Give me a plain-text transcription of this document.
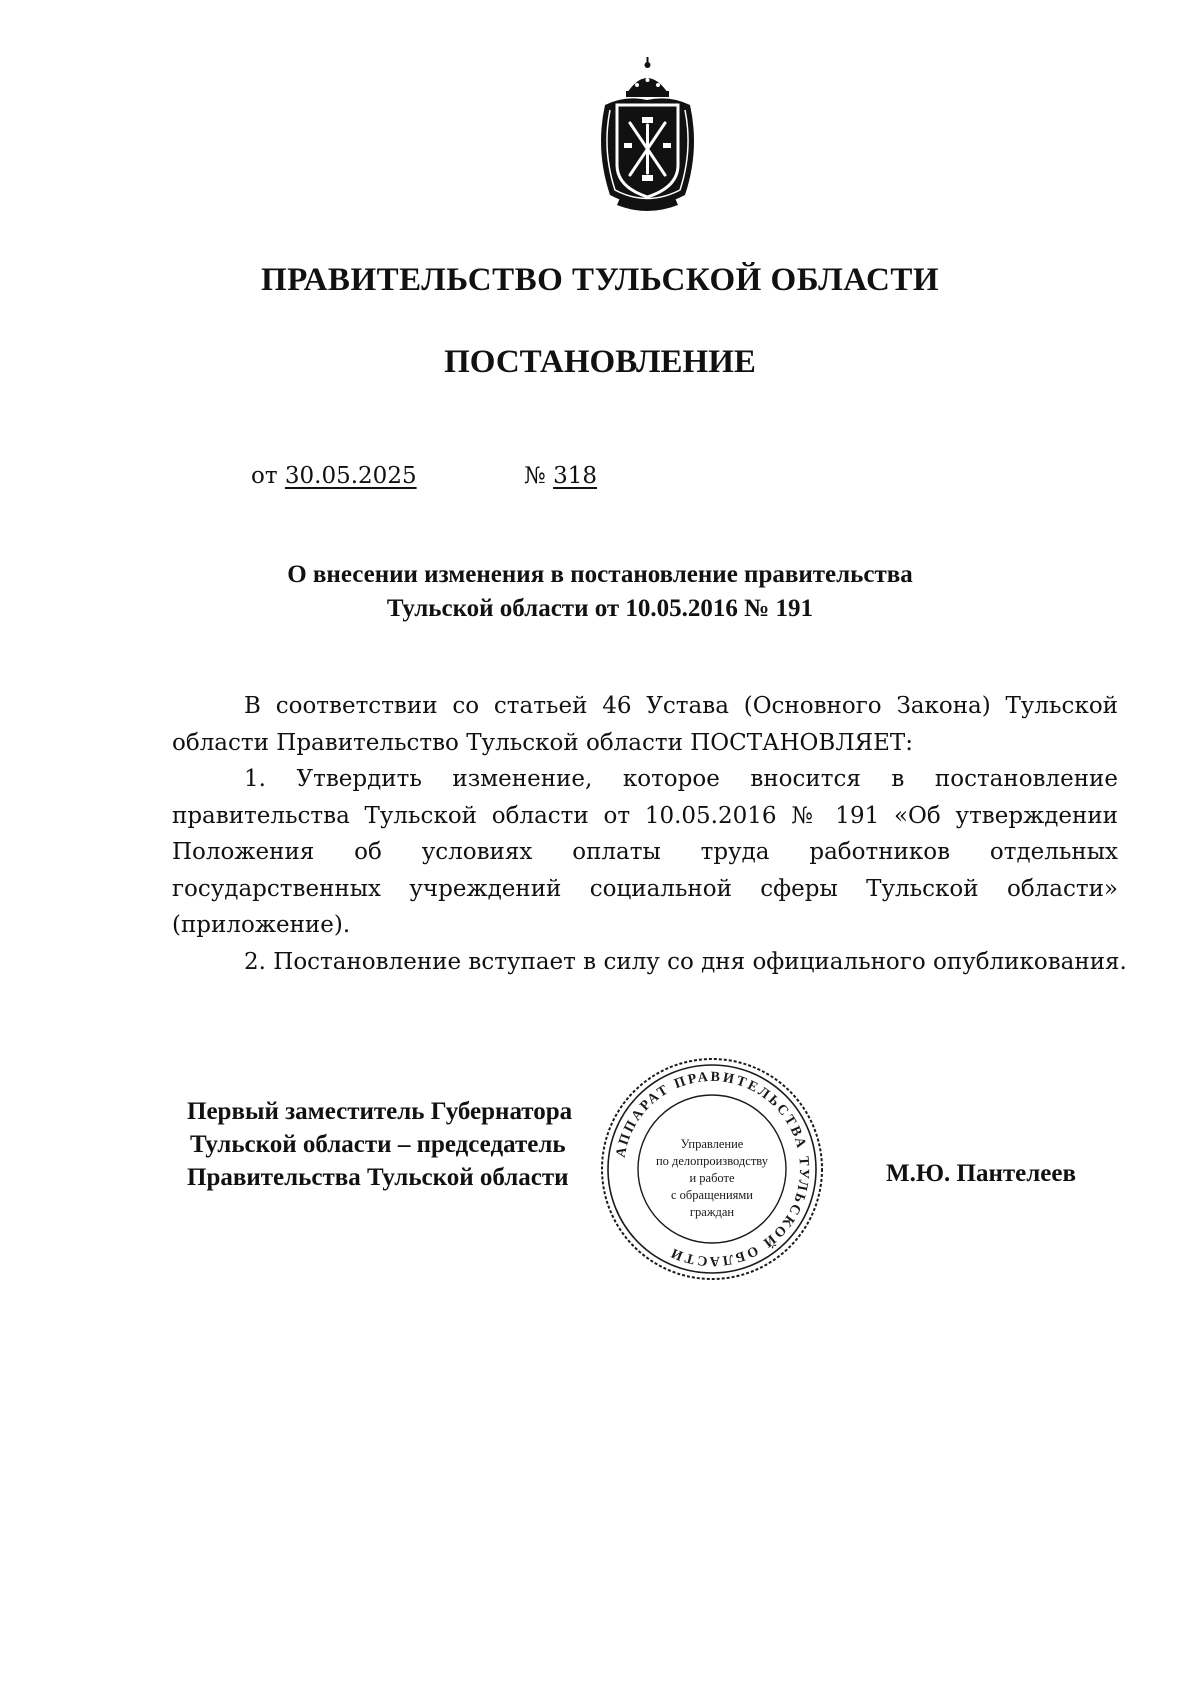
ПРАВИТЕЛЬСТВО ТУЛЬСКОЙ ОБЛАСТИ
ПОСТАНОВЛЕНИЕ
от 30.05.2025	№ 318
О внесении изменения в постановление правительства
Тульской области от 10.05.2016 № 191
В соответствии со статьей 46 Устава (Основного Закона) Тульской
области Правительство Тульской области ПОСТАНОВЛЯЕТ:
1. Утвердить изменение, которое вносится в постановление
правительства Тульской области от 10.05.2016 № 191 «Об утверждении
Положения об условиях оплаты труда работников отдельных
государственных учреждений социальной сферы Тульской области»
(приложение).
2. Постановление вступает в силу со дня официального опубликования.
Первый заместитель Губернатора
Тульской области – председатель
Правительства Тульской области	М.Ю. Пантелеев
АППАРАТ ПРАВИТЕЛЬСТВА ТУЛЬСКОЙ ОБЛАСТИ
Управление
по делопроизводству
и работе
с обращениями
граждан
